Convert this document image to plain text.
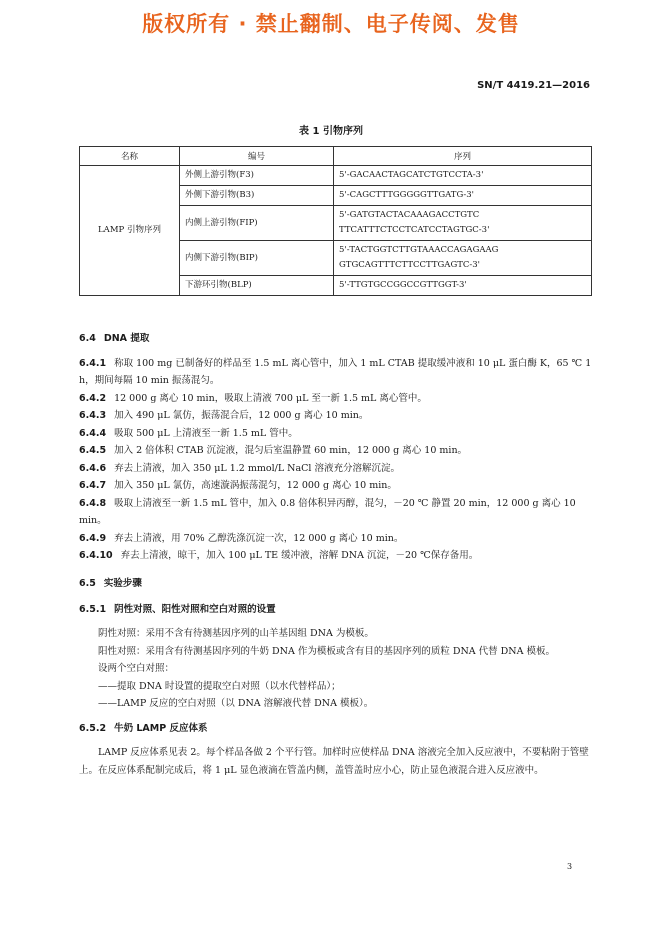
版权所有 · 禁止翻制、电子传阅、发售
SN/T 4419.21—2016
表 1 引物序列
名称	编号	序列
LAMP 引物序列	外侧上游引物(F3)	5'-GACAACTAGCATCTGTCCTA-3'
	外侧下游引物(B3)	5'-CAGCTTTGGGGGTTGATG-3'
	内侧上游引物(FIP)	5'-GATGTACTACAAAGACCTGTC
TTCATTTCTCCTCATCCTAGTGC-3'
	内侧下游引物(BIP)	5'-TACTGGTCTTGTAAACCAGAGAAG
GTGCAGTTTCTTCCTTGAGTC-3'
	下游环引物(BLP)	5'-TTGTGCCGGCCGTTGGT-3'

6.4 DNA 提取

6.4.1 称取 100 mg 已制备好的样品至 1.5 mL 离心管中，加入 1 mL CTAB 提取缓冲液和 10 μL 蛋白酶 K，65 ℃ 1 h，期间每隔 10 min 振荡混匀。

6.4.2 12 000 g 离心 10 min，吸取上清液 700 μL 至一新 1.5 mL 离心管中。

6.4.3 加入 490 μL 氯仿，振荡混合后，12 000 g 离心 10 min。

6.4.4 吸取 500 μL 上清液至一新 1.5 mL 管中。

6.4.5 加入 2 倍体积 CTAB 沉淀液，混匀后室温静置 60 min，12 000 g 离心 10 min。

6.4.6 弃去上清液，加入 350 μL 1.2 mmol/L NaCl 溶液充分溶解沉淀。

6.4.7 加入 350 μL 氯仿，高速漩涡振荡混匀，12 000 g 离心 10 min。

6.4.8 吸取上清液至一新 1.5 mL 管中，加入 0.8 倍体积异丙醇，混匀，－20 ℃ 静置 20 min，12 000 g 离心 10 min。

6.4.9 弃去上清液，用 70% 乙醇洗涤沉淀一次，12 000 g 离心 10 min。

6.4.10 弃去上清液，晾干，加入 100 μL TE 缓冲液，溶解 DNA 沉淀，－20 ℃保存备用。

6.5 实验步骤

6.5.1 阴性对照、阳性对照和空白对照的设置

阴性对照：采用不含有待测基因序列的山羊基因组 DNA 为模板。

阳性对照：采用含有待测基因序列的牛奶 DNA 作为模板或含有目的基因序列的质粒 DNA 代替 DNA 模板。

设两个空白对照：

——提取 DNA 时设置的提取空白对照（以水代替样品）；

——LAMP 反应的空白对照（以 DNA 溶解液代替 DNA 模板）。

6.5.2 牛奶 LAMP 反应体系

LAMP 反应体系见表 2。每个样品各做 2 个平行管。加样时应使样品 DNA 溶液完全加入反应液中，不要粘附于管壁上。在反应体系配制完成后，将 1 μL 显色液滴在管盖内侧，盖管盖时应小心，防止显色液混合进入反应液中。

3
